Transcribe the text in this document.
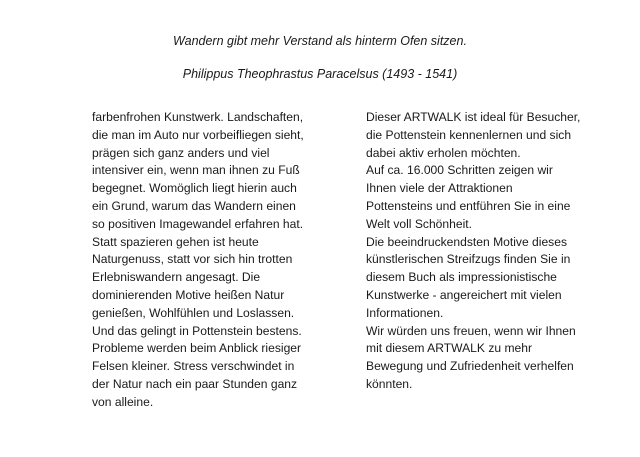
Wandern gibt mehr Verstand als hinterm Ofen sitzen.

Philippus Theophrastus Paracelsus (1493 - 1541)

farbenfrohen Kunstwerk. Landschaften,
die man im Auto nur vorbeifliegen sieht,
prägen sich ganz anders und viel
intensiver ein, wenn man ihnen zu Fuß
begegnet. Womöglich liegt hierin auch
ein Grund, warum das Wandern einen
so positiven Imagewandel erfahren hat.
Statt spazieren gehen ist heute
Naturgenuss, statt vor sich hin trotten
Erlebniswandern angesagt. Die
dominierenden Motive heißen Natur
genießen, Wohlfühlen und Loslassen.
Und das gelingt in Pottenstein bestens.
Probleme werden beim Anblick riesiger
Felsen kleiner. Stress verschwindet in
der Natur nach ein paar Stunden ganz
von alleine.
Dieser ARTWALK ist ideal für Besucher,
die Pottenstein kennenlernen und sich
dabei aktiv erholen möchten.
Auf ca. 16.000 Schritten zeigen wir
Ihnen viele der Attraktionen
Pottensteins und entführen Sie in eine
Welt voll Schönheit.
Die beeindruckendsten Motive dieses
künstlerischen Streifzugs finden Sie in
diesem Buch als impressionistische
Kunstwerke - angereichert mit vielen
Informationen.
Wir würden uns freuen, wenn wir Ihnen
mit diesem ARTWALK zu mehr
Bewegung und Zufriedenheit verhelfen
könnten.
